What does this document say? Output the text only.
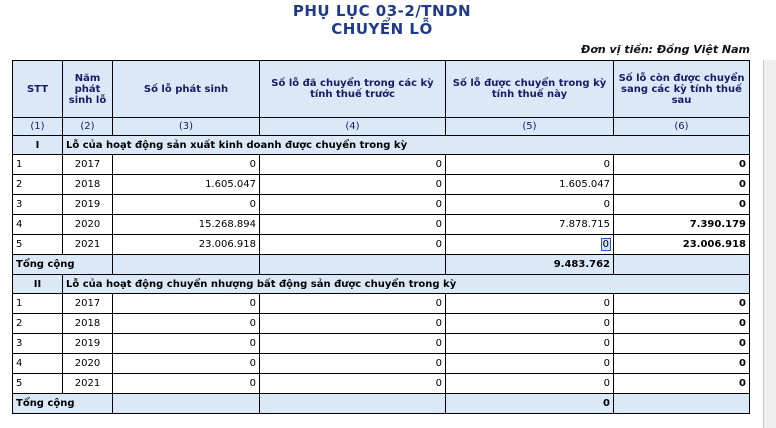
PHỤ LỤC 03-2/TNDN
CHUYỂN LỖ
Đơn vị tiền: Đồng Việt Nam
STT	Năm phát sinh lỗ	Số lỗ phát sinh	Số lỗ đã chuyển trong các kỳ tính thuế trước	Số lỗ được chuyển trong kỳ tính thuế này	Số lỗ còn được chuyển sang các kỳ tính thuế sau
(1)	(2)	(3)	(4)	(5)	(6)
I	Lỗ của hoạt động sản xuất kinh doanh được chuyển trong kỳ				
1	2017	0	0	0	0
2	2018	1.605.047	0	1.605.047	0
3	2019	0	0	0	0
4	2020	15.268.894	0	7.878.715	7.390.179
5	2021	23.006.918	0	0	23.006.918
Tổng cộng				9.483.762	
II	Lỗ của hoạt động chuyển nhượng bất động sản được chuyển trong kỳ				
1	2017	0	0	0	0
2	2018	0	0	0	0
3	2019	0	0	0	0
4	2020	0	0	0	0
5	2021	0	0	0	0
Tổng cộng				0	
